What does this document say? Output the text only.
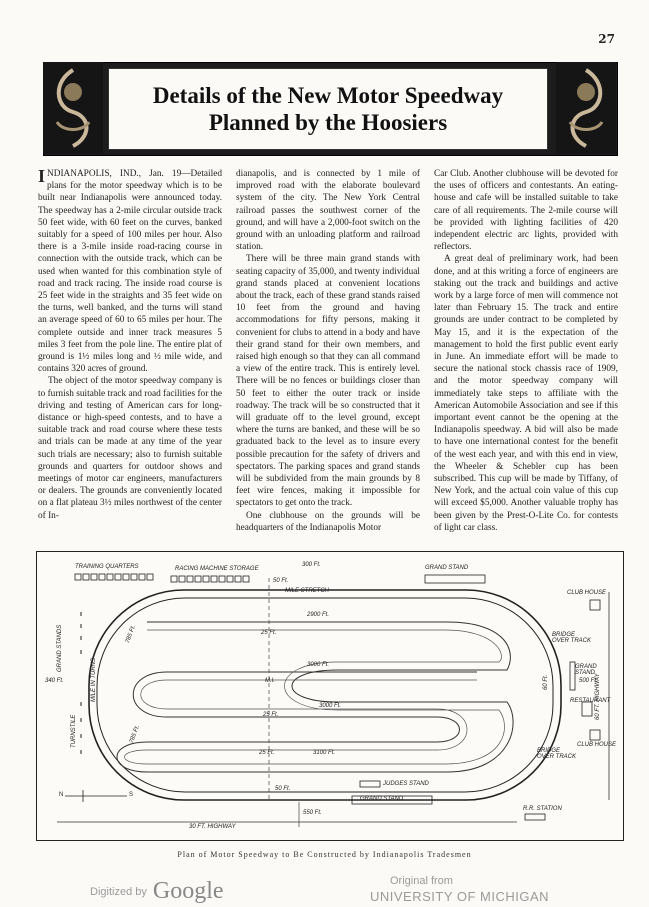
27
Details of the New Motor Speedway
Planned by the Hoosiers

INDIANAPOLIS, IND., Jan. 19—Detailed plans for the motor speedway which is to be built near Indianapolis were announced today. The speedway has a 2-mile circular outside track 50 feet wide, with 60 feet on the curves, banked suitably for a speed of 100 miles per hour. Also there is a 3-mile inside road-racing course in connection with the outside track, which can be used when wanted for this combination style of road and track racing. The inside road course is 25 feet wide in the straights and 35 feet wide on the turns, well banked, and the turns will stand an average speed of 60 to 65 miles per hour. The complete outside and inner track measures 5 miles 3 feet from the pole line. The entire plat of ground is 1½ miles long and ½ mile wide, and contains 320 acres of ground.

The object of the motor speedway company is to furnish suitable track and road facilities for the driving and testing of American cars for long-distance or high-speed contests, and to have a suitable track and road course where these tests and trials can be made at any time of the year such trials are necessary; also to furnish suitable grounds and quarters for outdoor shows and meetings of motor car engineers, manufacturers or dealers. The grounds are conveniently located on a flat plateau 3½ miles northwest of the center of In-

dianapolis, and is connected by 1 mile of improved road with the elaborate boulevard system of the city. The New York Central railroad passes the southwest corner of the ground, and will have a 2,000-foot switch on the ground with an unloading platform and railroad station.

There will be three main grand stands with seating capacity of 35,000, and twenty individual grand stands placed at convenient locations about the track, each of these grand stands raised 10 feet from the ground and having accommodations for fifty persons, making it convenient for clubs to attend in a body and have their grand stand for their own members, and raised high enough so that they can all command a view of the entire track. This is entirely level. There will be no fences or buildings closer than 50 feet to either the outer track or inside roadway. The track will be so constructed that it will graduate off to the level ground, except where the turns are banked, and these will be so graduated back to the level as to insure every possible precaution for the safety of drivers and spectators. The parking spaces and grand stands will be subdivided from the main grounds by 8 feet wire fences, making it impossible for spectators to get onto the track.

One clubhouse on the grounds will be headquarters of the Indianapolis Motor

Car Club. Another clubhouse will be devoted for the uses of officers and contestants. An eating-house and cafe will be installed suitable to take care of all requirements. The 2-mile course will be provided with lighting facilities of 420 independent electric arc lights, provided with reflectors.

A great deal of preliminary work, had been done, and at this writing a force of engineers are staking out the track and buildings and active work by a large force of men will commence not later than February 15. The track and entire grounds are under contract to be completed by May 15, and it is the expectation of the management to hold the first public event early in June. An immediate effort will be made to secure the national stock chassis race of 1909, and the motor speedway company will immediately take steps to affiliate with the American Automobile Association and see if this important event cannot be the opening at the Indianapolis speedway. A bid will also be made to have one international contest for the benefit of the west each year, and with this end in view, the Wheeler & Schebler cup has been subscribed. This cup will be made by Tiffany, of New York, and the actual coin value of this cup will exceed $5,000. Another valuable trophy has been given by the Prest-O-Lite Co. for contests of light car class.

TRAINING QUARTERS	RACING MACHINE STORAGE
300 Ft.
50 Ft.
GRAND STAND
CLUB HOUSE
BRIDGE OVER TRACK
GRAND STAND
RESTAURANT
CLUB HOUSE
BRIDGE OVER TRACK
JUDGES STAND
GRAND STAND
R.R. STATION
30 FT. HIGHWAY
60 FT. HIGHWAY
GRAND STANDS
MILE IN TURNS
TURNSTILE
MILE STRETCH
2900 Ft.
25 Ft.
3000 Ft.
M.I.
3000 Ft.
25 Ft.
25 Ft.	3100 Ft.
50 Ft.
550 Ft.
340 Ft.
785 Ft.
785 Ft.
60 Ft.	500 Ft.
N	S
Plan of Motor Speedway to Be Constructed by Indianapolis Tradesmen
Digitized by Google	Original from
UNIVERSITY OF MICHIGAN
